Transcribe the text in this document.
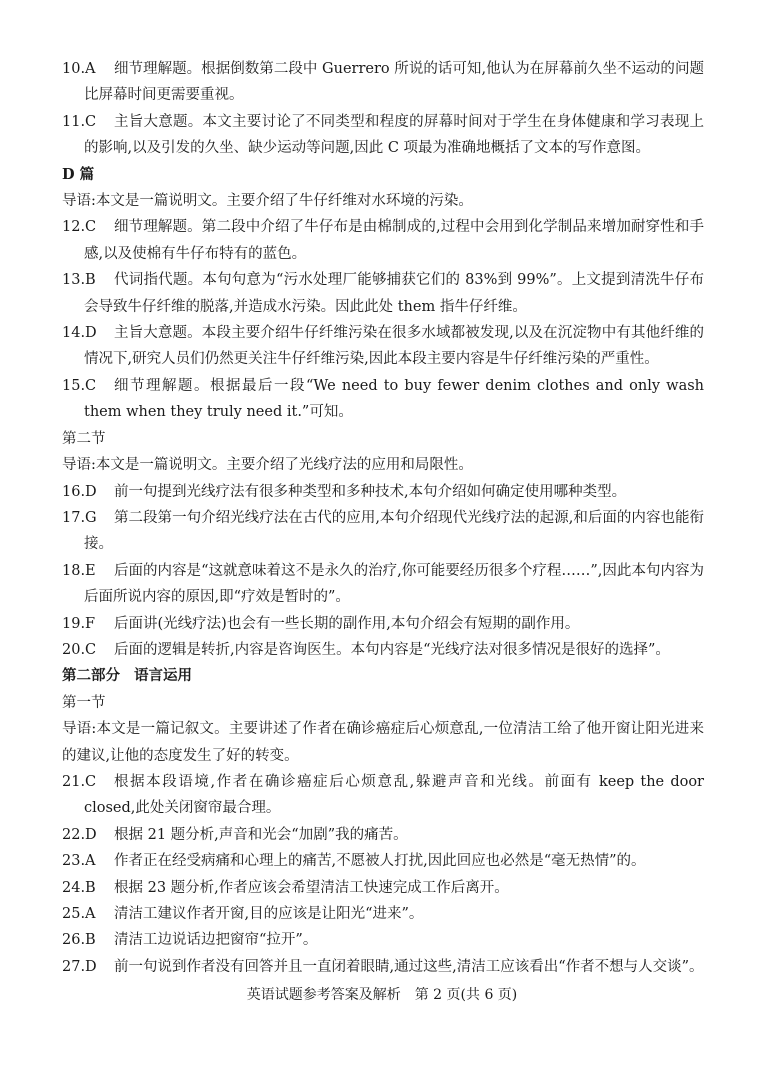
10.A	细节理解题。根据倒数第二段中 Guerrero 所说的话可知,他认为在屏幕前久坐不运动的问题比屏幕时间更需要重视。
11.C	主旨大意题。本文主要讨论了不同类型和程度的屏幕时间对于学生在身体健康和学习表现上的影响,以及引发的久坐、缺少运动等问题,因此 C 项最为准确地概括了文本的写作意图。
D 篇
导语:本文是一篇说明文。主要介绍了牛仔纤维对水环境的污染。
12.C	细节理解题。第二段中介绍了牛仔布是由棉制成的,过程中会用到化学制品来增加耐穿性和手感,以及使棉有牛仔布特有的蓝色。
13.B	代词指代题。本句句意为“污水处理厂能够捕获它们的 83%到 99%”。上文提到清洗牛仔布会导致牛仔纤维的脱落,并造成水污染。因此此处 them 指牛仔纤维。
14.D	主旨大意题。本段主要介绍牛仔纤维污染在很多水域都被发现,以及在沉淀物中有其他纤维的情况下,研究人员们仍然更关注牛仔纤维污染,因此本段主要内容是牛仔纤维污染的严重性。
15.C	细节理解题。根据最后一段“We need to buy fewer denim clothes and only wash them when they truly need it.”可知。
第二节
导语:本文是一篇说明文。主要介绍了光线疗法的应用和局限性。
16.D	前一句提到光线疗法有很多种类型和多种技术,本句介绍如何确定使用哪种类型。
17.G	第二段第一句介绍光线疗法在古代的应用,本句介绍现代光线疗法的起源,和后面的内容也能衔接。
18.E	后面的内容是“这就意味着这不是永久的治疗,你可能要经历很多个疗程……”,因此本句内容为后面所说内容的原因,即“疗效是暂时的”。
19.F	后面讲(光线疗法)也会有一些长期的副作用,本句介绍会有短期的副作用。
20.C	后面的逻辑是转折,内容是咨询医生。本句内容是“光线疗法对很多情况是很好的选择”。
第二部分 语言运用
第一节
导语:本文是一篇记叙文。主要讲述了作者在确诊癌症后心烦意乱,一位清洁工给了他开窗让阳光进来的建议,让他的态度发生了好的转变。
21.C	根据本段语境,作者在确诊癌症后心烦意乱,躲避声音和光线。前面有 keep the door closed,此处关闭窗帘最合理。
22.D	根据 21 题分析,声音和光会“加剧”我的痛苦。
23.A	作者正在经受病痛和心理上的痛苦,不愿被人打扰,因此回应也必然是“毫无热情”的。
24.B	根据 23 题分析,作者应该会希望清洁工快速完成工作后离开。
25.A	清洁工建议作者开窗,目的应该是让阳光“进来”。
26.B	清洁工边说话边把窗帘“拉开”。
27.D	前一句说到作者没有回答并且一直闭着眼睛,通过这些,清洁工应该看出“作者不想与人交谈”。
英语试题参考答案及解析　第 2 页(共 6 页)
